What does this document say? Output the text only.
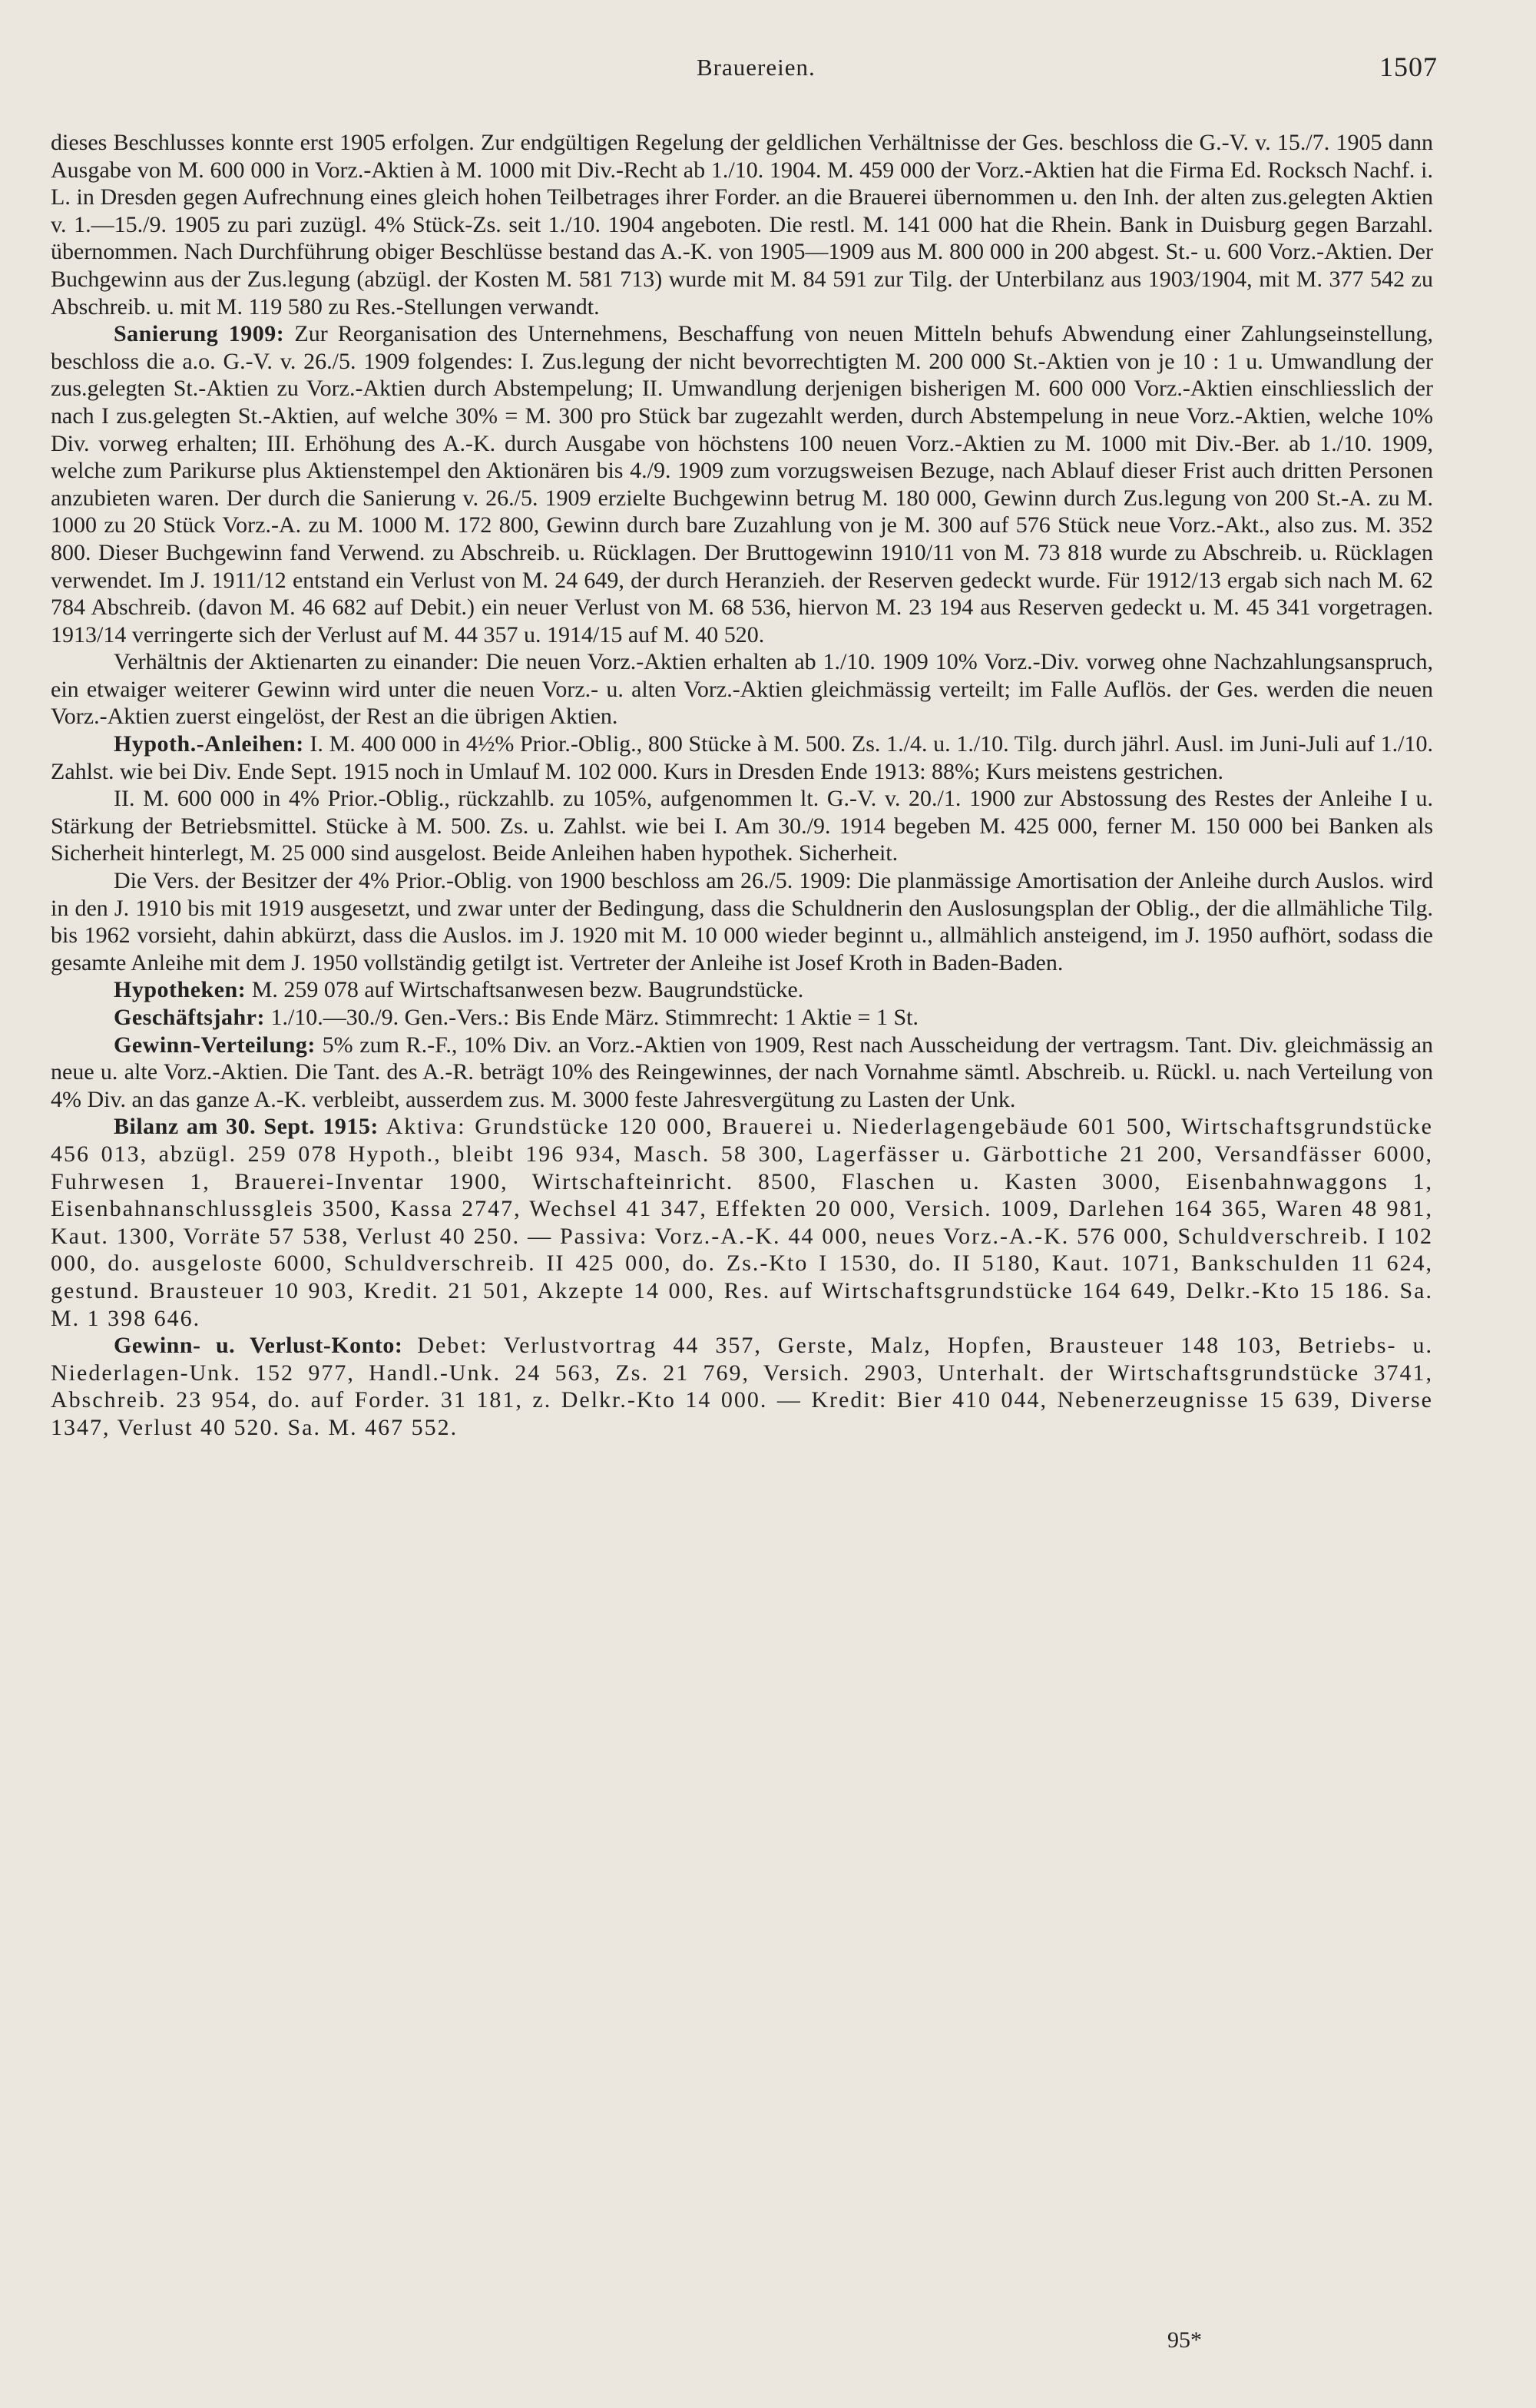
Brauereien.	1507

dieses Beschlusses konnte erst 1905 erfolgen. Zur endgültigen Regelung der geldlichen Verhältnisse der Ges. beschloss die G.-V. v. 15./7. 1905 dann Ausgabe von M. 600 000 in Vorz.-Aktien à M. 1000 mit Div.-Recht ab 1./10. 1904. M. 459 000 der Vorz.-Aktien hat die Firma Ed. Rocksch Nachf. i. L. in Dresden gegen Aufrechnung eines gleich hohen Teilbetrages ihrer Forder. an die Brauerei übernommen u. den Inh. der alten zus.gelegten Aktien v. 1.—15./9. 1905 zu pari zuzügl. 4% Stück-Zs. seit 1./10. 1904 angeboten. Die restl. M. 141 000 hat die Rhein. Bank in Duisburg gegen Barzahl. übernommen. Nach Durchführung obiger Beschlüsse bestand das A.-K. von 1905—1909 aus M. 800 000 in 200 abgest. St.- u. 600 Vorz.-Aktien. Der Buchgewinn aus der Zus.legung (abzügl. der Kosten M. 581 713) wurde mit M. 84 591 zur Tilg. der Unterbilanz aus 1903/1904, mit M. 377 542 zu Abschreib. u. mit M. 119 580 zu Res.-Stellungen verwandt.

Sanierung 1909: Zur Reorganisation des Unternehmens, Beschaffung von neuen Mitteln behufs Abwendung einer Zahlungseinstellung, beschloss die a.o. G.-V. v. 26./5. 1909 folgendes: I. Zus.legung der nicht bevorrechtigten M. 200 000 St.-Aktien von je 10 : 1 u. Umwandlung der zus.gelegten St.-Aktien zu Vorz.-Aktien durch Abstempelung; II. Umwandlung derjenigen bisherigen M. 600 000 Vorz.-Aktien einschliesslich der nach I zus.gelegten St.-Aktien, auf welche 30% = M. 300 pro Stück bar zugezahlt werden, durch Abstempelung in neue Vorz.-Aktien, welche 10% Div. vorweg erhalten; III. Erhöhung des A.-K. durch Ausgabe von höchstens 100 neuen Vorz.-Aktien zu M. 1000 mit Div.-Ber. ab 1./10. 1909, welche zum Parikurse plus Aktienstempel den Aktionären bis 4./9. 1909 zum vorzugsweisen Bezuge, nach Ablauf dieser Frist auch dritten Personen anzubieten waren. Der durch die Sanierung v. 26./5. 1909 erzielte Buchgewinn betrug M. 180 000, Gewinn durch Zus.legung von 200 St.-A. zu M. 1000 zu 20 Stück Vorz.-A. zu M. 1000 M. 172 800, Gewinn durch bare Zuzahlung von je M. 300 auf 576 Stück neue Vorz.-Akt., also zus. M. 352 800. Dieser Buchgewinn fand Verwend. zu Abschreib. u. Rücklagen. Der Bruttogewinn 1910/11 von M. 73 818 wurde zu Abschreib. u. Rücklagen verwendet. Im J. 1911/12 entstand ein Verlust von M. 24 649, der durch Heranzieh. der Reserven gedeckt wurde. Für 1912/13 ergab sich nach M. 62 784 Abschreib. (davon M. 46 682 auf Debit.) ein neuer Verlust von M. 68 536, hiervon M. 23 194 aus Reserven gedeckt u. M. 45 341 vorgetragen. 1913/14 verringerte sich der Verlust auf M. 44 357 u. 1914/15 auf M. 40 520.

Verhältnis der Aktienarten zu einander: Die neuen Vorz.-Aktien erhalten ab 1./10. 1909 10% Vorz.-Div. vorweg ohne Nachzahlungsanspruch, ein etwaiger weiterer Gewinn wird unter die neuen Vorz.- u. alten Vorz.-Aktien gleichmässig verteilt; im Falle Auflös. der Ges. werden die neuen Vorz.-Aktien zuerst eingelöst, der Rest an die übrigen Aktien.

Hypoth.-Anleihen: I. M. 400 000 in 4½% Prior.-Oblig., 800 Stücke à M. 500. Zs. 1./4. u. 1./10. Tilg. durch jährl. Ausl. im Juni-Juli auf 1./10. Zahlst. wie bei Div. Ende Sept. 1915 noch in Umlauf M. 102 000. Kurs in Dresden Ende 1913: 88%; Kurs meistens gestrichen.

II. M. 600 000 in 4% Prior.-Oblig., rückzahlb. zu 105%, aufgenommen lt. G.-V. v. 20./1. 1900 zur Abstossung des Restes der Anleihe I u. Stärkung der Betriebsmittel. Stücke à M. 500. Zs. u. Zahlst. wie bei I. Am 30./9. 1914 begeben M. 425 000, ferner M. 150 000 bei Banken als Sicherheit hinterlegt, M. 25 000 sind ausgelost. Beide Anleihen haben hypothek. Sicherheit.

Die Vers. der Besitzer der 4% Prior.-Oblig. von 1900 beschloss am 26./5. 1909: Die planmässige Amortisation der Anleihe durch Auslos. wird in den J. 1910 bis mit 1919 ausgesetzt, und zwar unter der Bedingung, dass die Schuldnerin den Auslosungsplan der Oblig., der die allmähliche Tilg. bis 1962 vorsieht, dahin abkürzt, dass die Auslos. im J. 1920 mit M. 10 000 wieder beginnt u., allmählich ansteigend, im J. 1950 aufhört, sodass die gesamte Anleihe mit dem J. 1950 vollständig getilgt ist. Vertreter der Anleihe ist Josef Kroth in Baden-Baden.

Hypotheken: M. 259 078 auf Wirtschaftsanwesen bezw. Baugrundstücke.

Geschäftsjahr: 1./10.—30./9. Gen.-Vers.: Bis Ende März. Stimmrecht: 1 Aktie = 1 St.

Gewinn-Verteilung: 5% zum R.-F., 10% Div. an Vorz.-Aktien von 1909, Rest nach Ausscheidung der vertragsm. Tant. Div. gleichmässig an neue u. alte Vorz.-Aktien. Die Tant. des A.-R. beträgt 10% des Reingewinnes, der nach Vornahme sämtl. Abschreib. u. Rückl. u. nach Verteilung von 4% Div. an das ganze A.-K. verbleibt, ausserdem zus. M. 3000 feste Jahresvergütung zu Lasten der Unk.

Bilanz am 30. Sept. 1915: Aktiva: Grundstücke 120 000, Brauerei u. Niederlagengebäude 601 500, Wirtschaftsgrundstücke 456 013, abzügl. 259 078 Hypoth., bleibt 196 934, Masch. 58 300, Lagerfässer u. Gärbottiche 21 200, Versandfässer 6000, Fuhrwesen 1, Brauerei-Inventar 1900, Wirtschafteinricht. 8500, Flaschen u. Kasten 3000, Eisenbahnwaggons 1, Eisenbahnanschlussgleis 3500, Kassa 2747, Wechsel 41 347, Effekten 20 000, Versich. 1009, Darlehen 164 365, Waren 48 981, Kaut. 1300, Vorräte 57 538, Verlust 40 250. — Passiva: Vorz.-A.-K. 44 000, neues Vorz.-A.-K. 576 000, Schuldverschreib. I 102 000, do. ausgeloste 6000, Schuldverschreib. II 425 000, do. Zs.-Kto I 1530, do. II 5180, Kaut. 1071, Bankschulden 11 624, gestund. Brausteuer 10 903, Kredit. 21 501, Akzepte 14 000, Res. auf Wirtschaftsgrundstücke 164 649, Delkr.-Kto 15 186. Sa. M. 1 398 646.

Gewinn- u. Verlust-Konto: Debet: Verlustvortrag 44 357, Gerste, Malz, Hopfen, Brausteuer 148 103, Betriebs- u. Niederlagen-Unk. 152 977, Handl.-Unk. 24 563, Zs. 21 769, Versich. 2903, Unterhalt. der Wirtschaftsgrundstücke 3741, Abschreib. 23 954, do. auf Forder. 31 181, z. Delkr.-Kto 14 000. — Kredit: Bier 410 044, Nebenerzeugnisse 15 639, Diverse 1347, Verlust 40 520. Sa. M. 467 552.

95*
